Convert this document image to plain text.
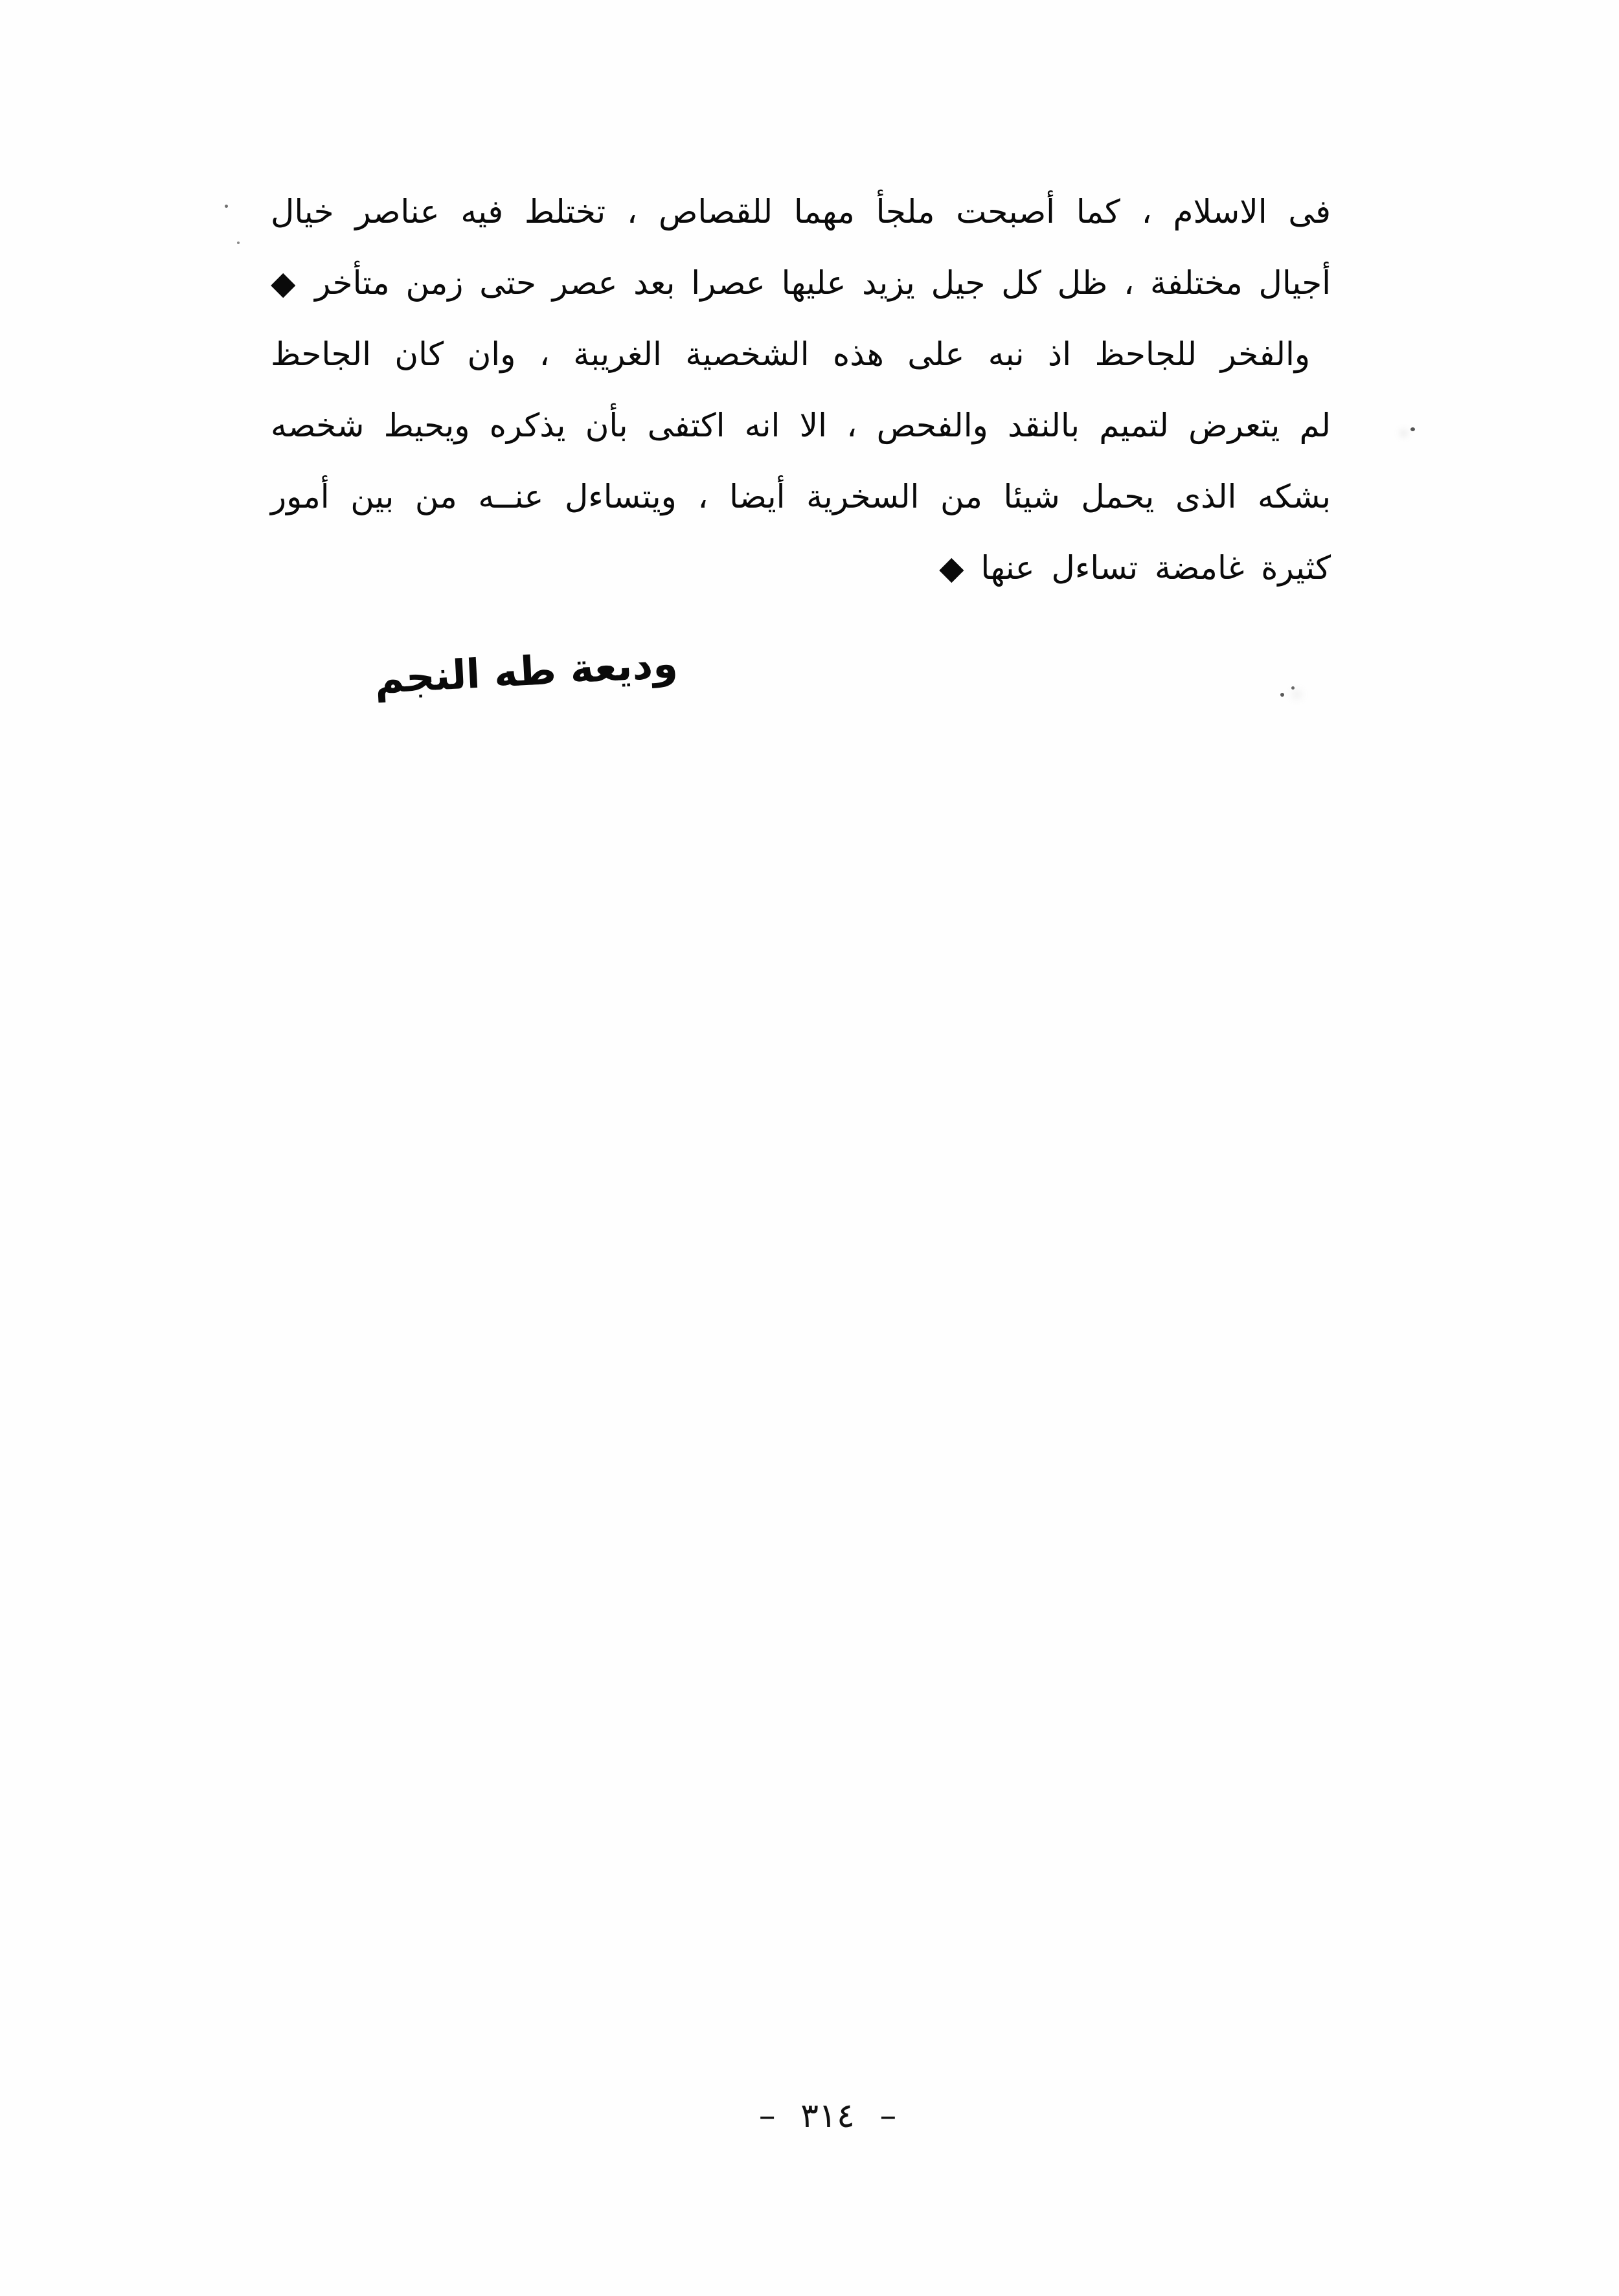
فى الاسلام ، كما أصبحت ملجأ مهما للقصاص ، تختلط فيه عناصر خيال

أجيال مختلفة ، ظل كل جيل يزيد عليها عصرا بعد عصر حتى زمن متأخر ◆

والفخر للجاحظ اذ نبه على هذه الشخصية الغريبة ، وان كان الجاحظ

لم يتعرض لتميم بالنقد والفحص ، الا انه اكتفى بأن يذكره ويحيط شخصه

بشكه الذى يحمل شيئا من السخرية أيضا ، ويتساءل عنــه من بين أمور

كثيرة غامضة تساءل عنها ◆

وديعة طه النجم
– ٣١٤ –
